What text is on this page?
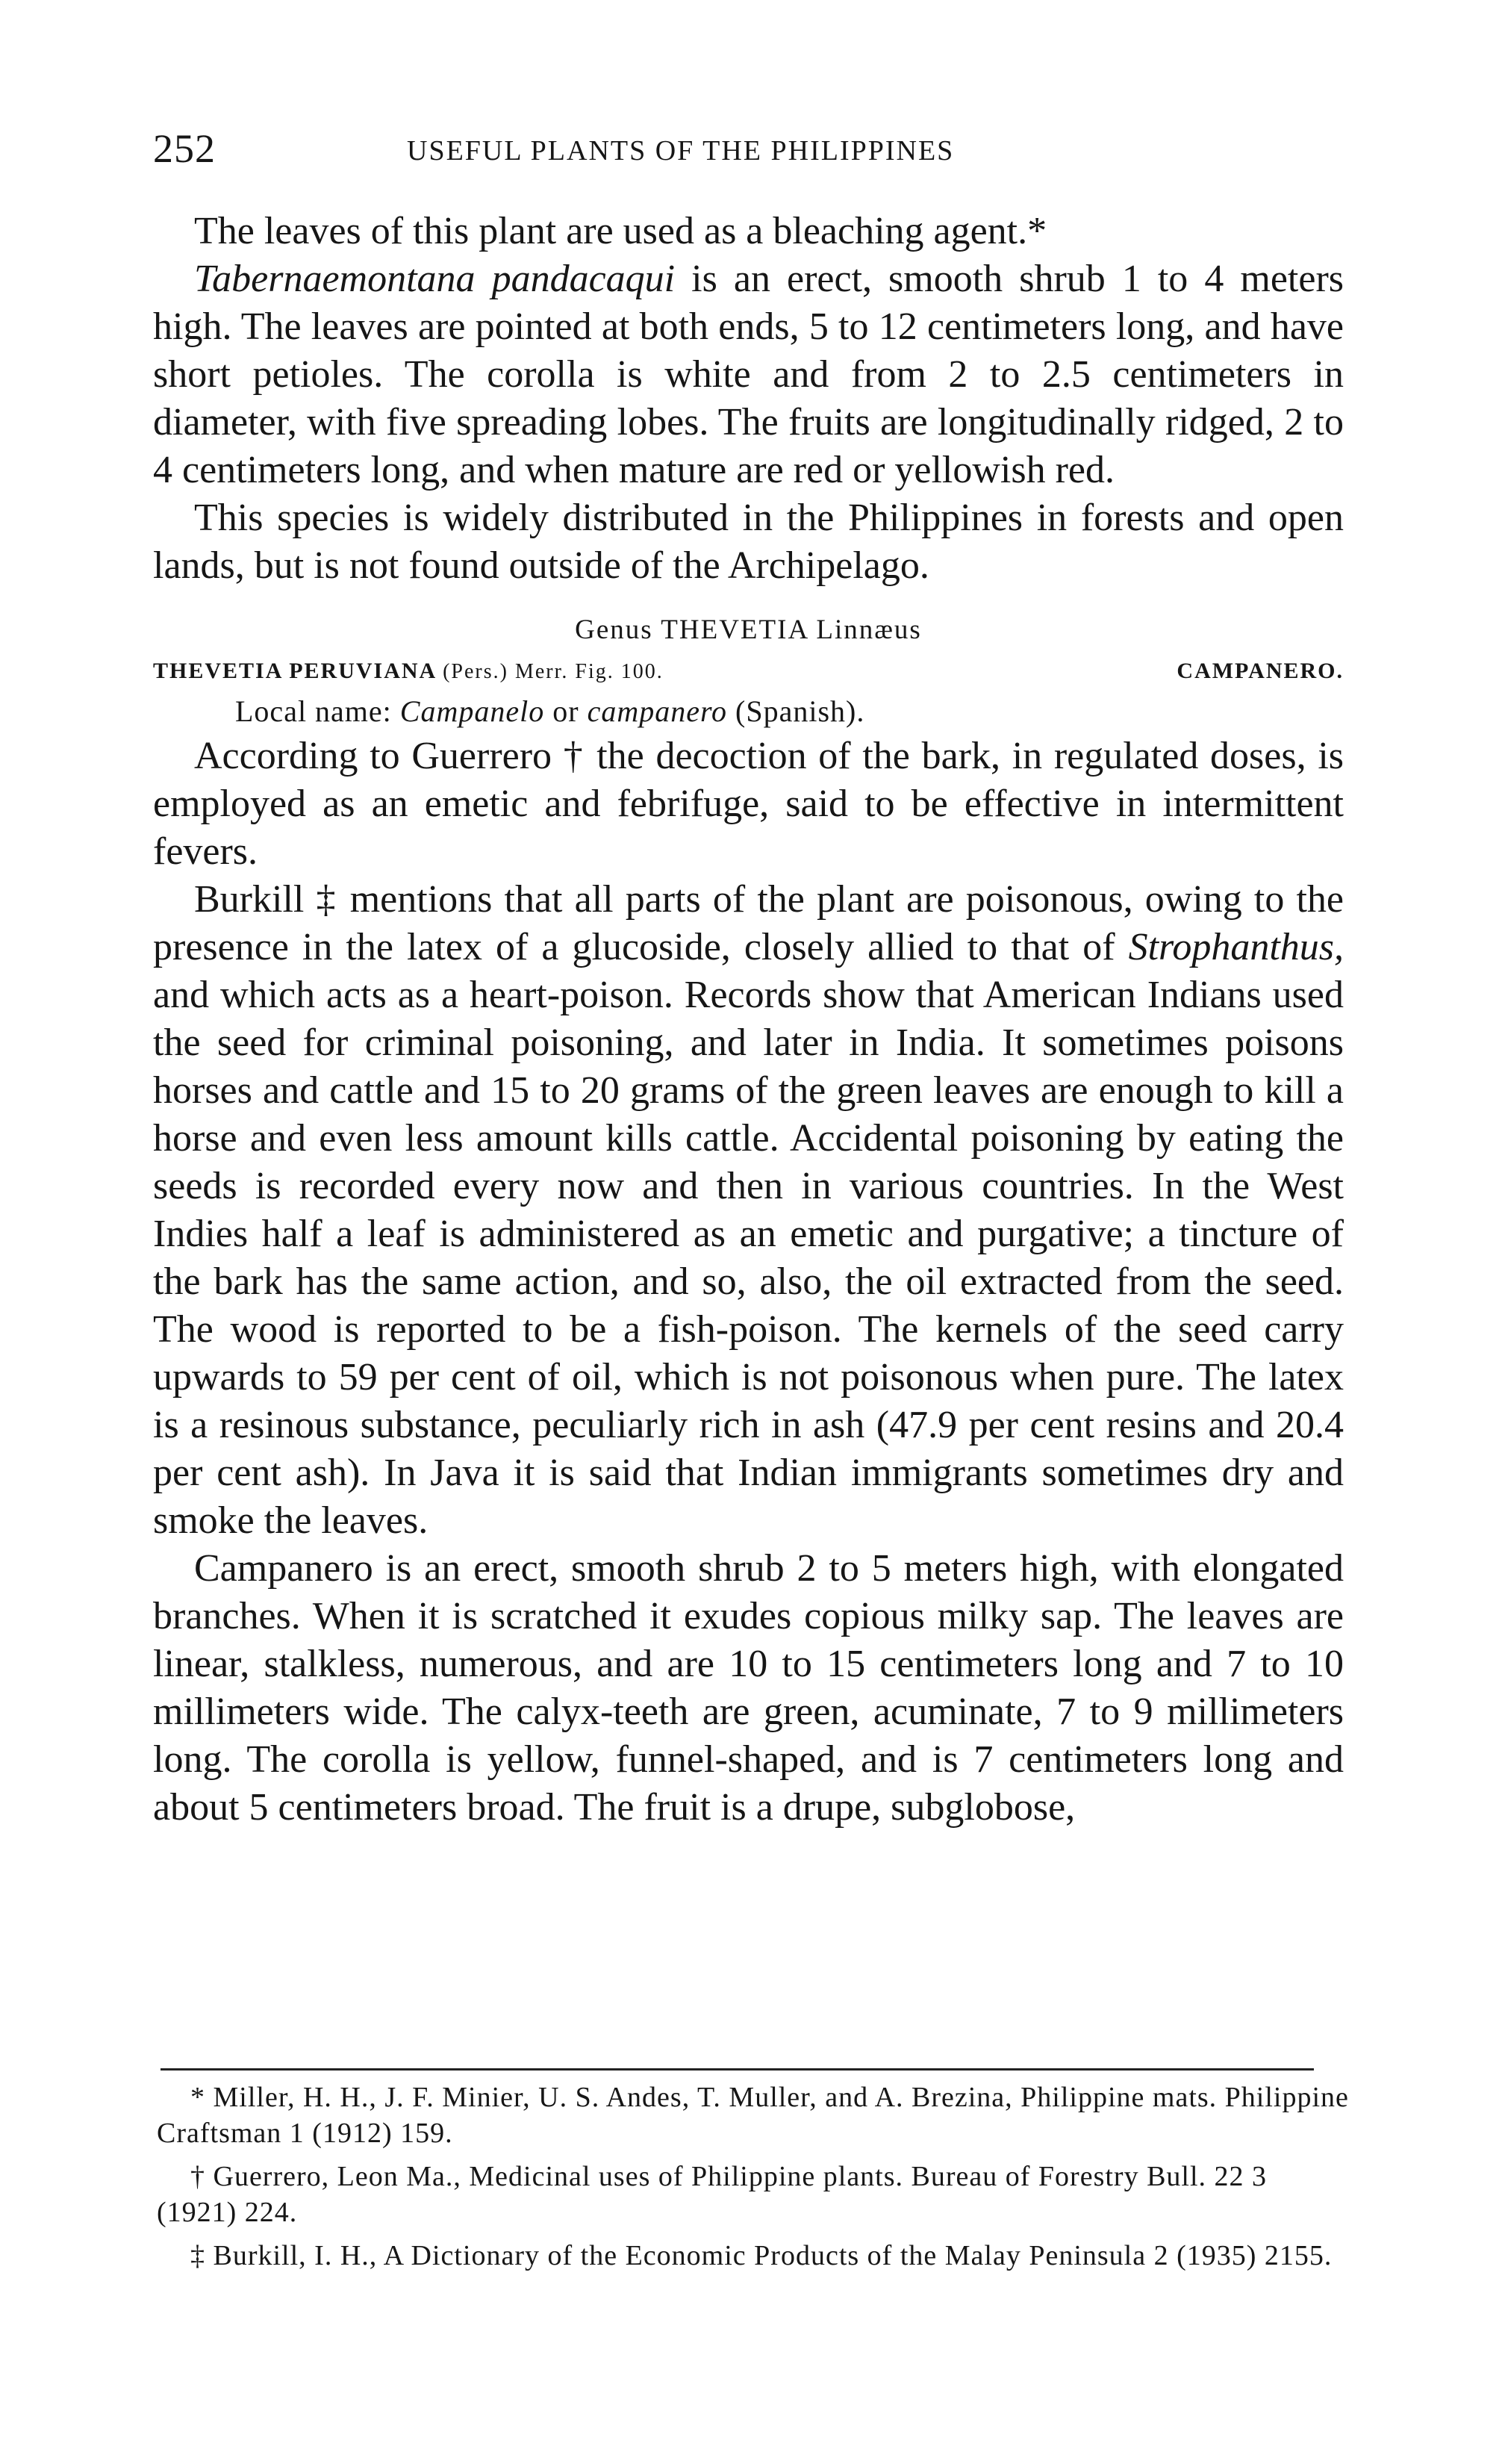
252	USEFUL PLANTS OF THE PHILIPPINES

The leaves of this plant are used as a bleaching agent.*

Tabernaemontana pandacaqui is an erect, smooth shrub 1 to 4 meters high. The leaves are pointed at both ends, 5 to 12 centimeters long, and have short petioles. The corolla is white and from 2 to 2.5 centimeters in diameter, with five spreading lobes. The fruits are longitudinally ridged, 2 to 4 centimeters long, and when mature are red or yellowish red.

This species is widely distributed in the Philippines in forests and open lands, but is not found outside of the Archipelago.

Genus THEVETIA Linnæus
THEVETIA PERUVIANA (Pers.) Merr. Fig. 100.	CAMPANERO.

Local name: Campanelo or campanero (Spanish).

According to Guerrero † the decoction of the bark, in regulated doses, is employed as an emetic and febrifuge, said to be effective in intermittent fevers.

Burkill ‡ mentions that all parts of the plant are poisonous, owing to the presence in the latex of a glucoside, closely allied to that of Strophanthus, and which acts as a heart-poison. Records show that American Indians used the seed for criminal poisoning, and later in India. It sometimes poisons horses and cattle and 15 to 20 grams of the green leaves are enough to kill a horse and even less amount kills cattle. Accidental poisoning by eating the seeds is recorded every now and then in various countries. In the West Indies half a leaf is administered as an emetic and purgative; a tincture of the bark has the same action, and so, also, the oil extracted from the seed. The wood is reported to be a fish-poison. The kernels of the seed carry upwards to 59 per cent of oil, which is not poisonous when pure. The latex is a resinous substance, peculiarly rich in ash (47.9 per cent resins and 20.4 per cent ash). In Java it is said that Indian immigrants sometimes dry and smoke the leaves.

Campanero is an erect, smooth shrub 2 to 5 meters high, with elongated branches. When it is scratched it exudes copious milky sap. The leaves are linear, stalkless, numerous, and are 10 to 15 centimeters long and 7 to 10 millimeters wide. The calyx-teeth are green, acuminate, 7 to 9 millimeters long. The corolla is yellow, funnel-shaped, and is 7 centimeters long and about 5 centimeters broad. The fruit is a drupe, subglobose,

* Miller, H. H., J. F. Minier, U. S. Andes, T. Muller, and A. Brezina, Philippine mats. Philippine Craftsman 1 (1912) 159.

† Guerrero, Leon Ma., Medicinal uses of Philippine plants. Bureau of Forestry Bull. 22 3 (1921) 224.

‡ Burkill, I. H., A Dictionary of the Economic Products of the Malay Peninsula 2 (1935) 2155.
